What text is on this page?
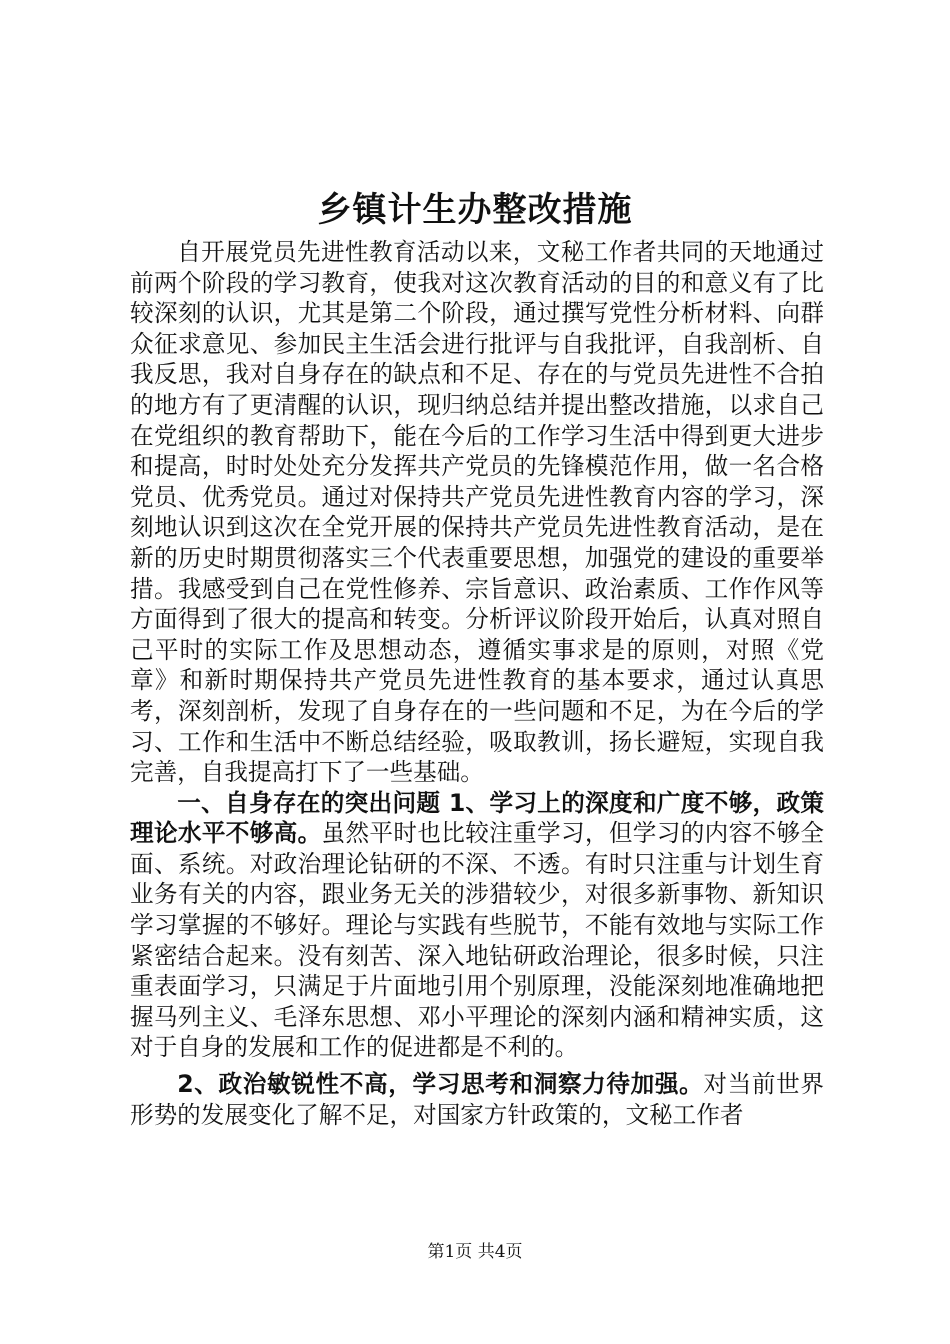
乡镇计生办整改措施

自开展党员先进性教育活动以来，文秘工作者共同的天地通过前两个阶段的学习教育，使我对这次教育活动的目的和意义有了比较深刻的认识，尤其是第二个阶段，通过撰写党性分析材料、向群众征求意见、参加民主生活会进行批评与自我批评，自我剖析、自我反思，我对自身存在的缺点和不足、存在的与党员先进性不合拍的地方有了更清醒的认识，现归纳总结并提出整改措施，以求自己在党组织的教育帮助下，能在今后的工作学习生活中得到更大进步和提高，时时处处充分发挥共产党员的先锋模范作用，做一名合格党员、优秀党员。通过对保持共产党员先进性教育内容的学习，深刻地认识到这次在全党开展的保持共产党员先进性教育活动，是在新的历史时期贯彻落实三个代表重要思想，加强党的建设的重要举措。我感受到自己在党性修养、宗旨意识、政治素质、工作作风等方面得到了很大的提高和转变。分析评议阶段开始后，认真对照自己平时的实际工作及思想动态，遵循实事求是的原则，对照《党章》和新时期保持共产党员先进性教育的基本要求，通过认真思考，深刻剖析，发现了自身存在的一些问题和不足，为在今后的学习、工作和生活中不断总结经验，吸取教训，扬长避短，实现自我完善，自我提高打下了一些基础。

一、自身存在的突出问题 1、学习上的深度和广度不够，政策理论水平不够高。虽然平时也比较注重学习，但学习的内容不够全面、系统。对政治理论钻研的不深、不透。有时只注重与计划生育业务有关的内容，跟业务无关的涉猎较少，对很多新事物、新知识学习掌握的不够好。理论与实践有些脱节，不能有效地与实际工作紧密结合起来。没有刻苦、深入地钻研政治理论，很多时候，只注重表面学习，只满足于片面地引用个别原理，没能深刻地准确地把握马列主义、毛泽东思想、邓小平理论的深刻内涵和精神实质，这对于自身的发展和工作的促进都是不利的。

2、政治敏锐性不高，学习思考和洞察力待加强。对当前世界形势的发展变化了解不足，对国家方针政策的，文秘工作者

第1页 共4页
